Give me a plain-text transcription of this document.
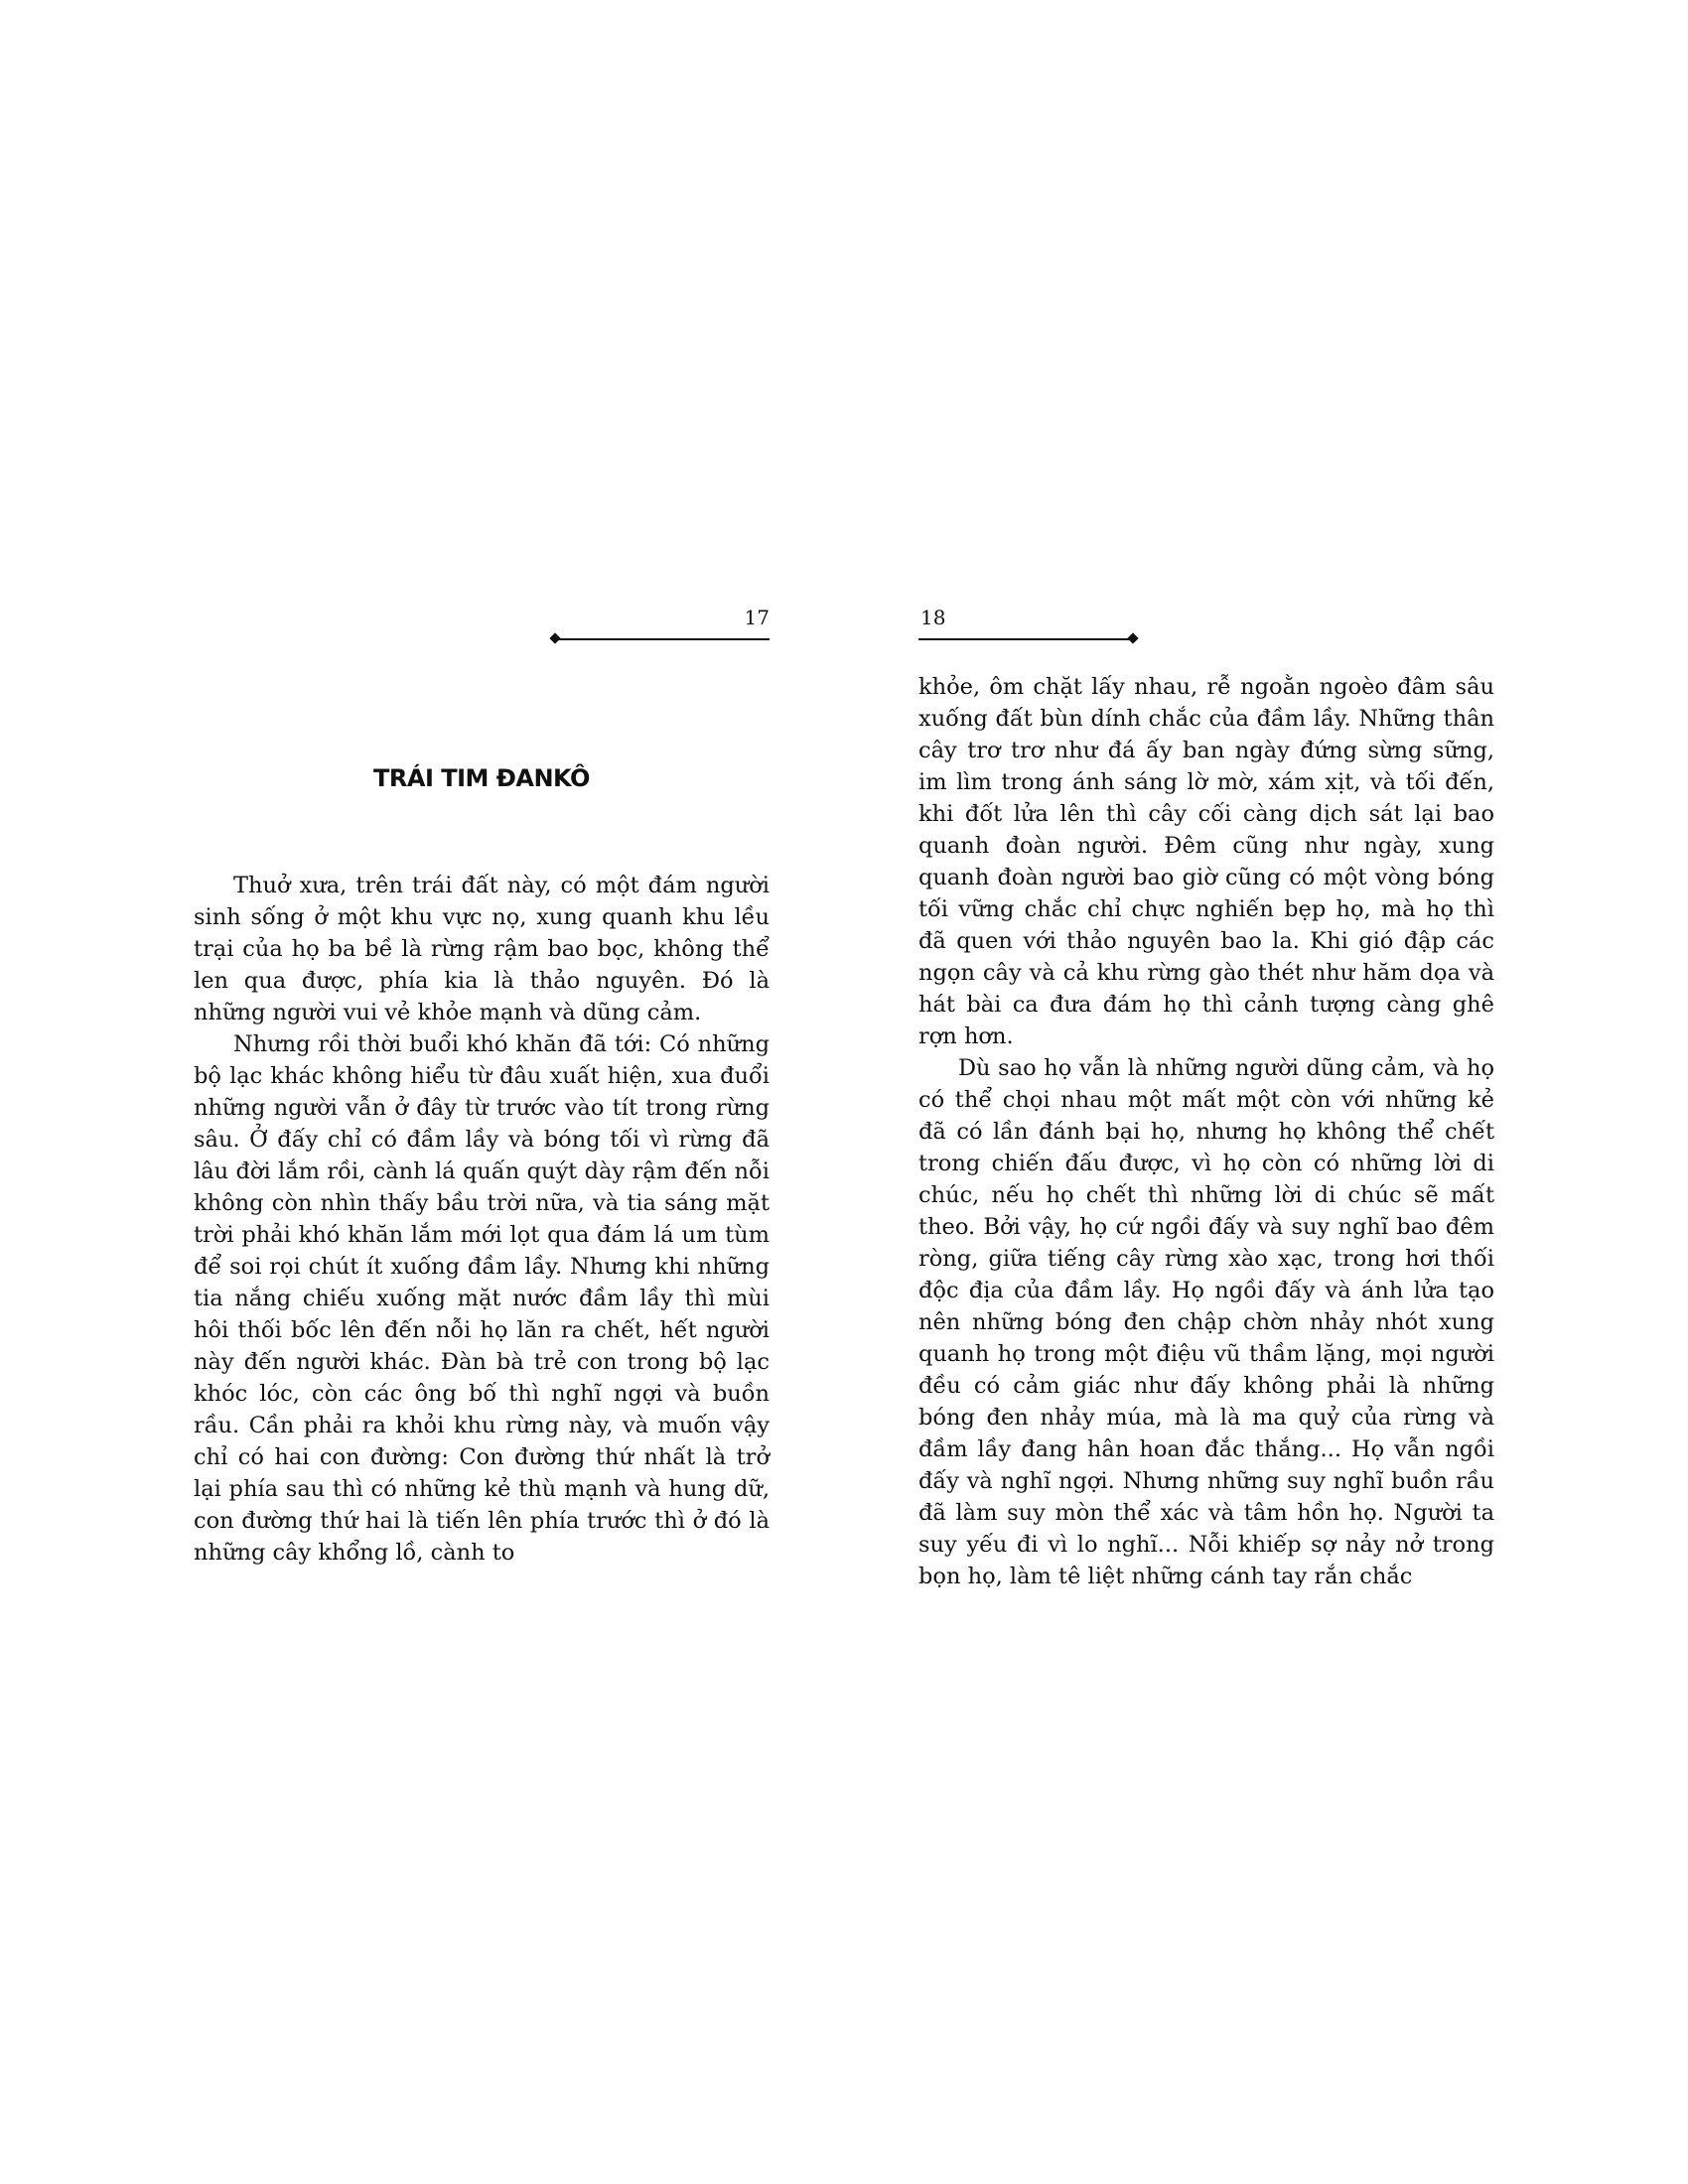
17
TRÁI TIM ĐANKÔ

Thuở xưa, trên trái đất này, có một đám người sinh sống ở một khu vực nọ, xung quanh khu lều trại của họ ba bề là rừng rậm bao bọc, không thể len qua được, phía kia là thảo nguyên. Đó là những người vui vẻ khỏe mạnh và dũng cảm.

Nhưng rồi thời buổi khó khăn đã tới: Có những bộ lạc khác không hiểu từ đâu xuất hiện, xua đuổi những người vẫn ở đây từ trước vào tít trong rừng sâu. Ở đấy chỉ có đầm lầy và bóng tối vì rừng đã lâu đời lắm rồi, cành lá quấn quýt dày rậm đến nỗi không còn nhìn thấy bầu trời nữa, và tia sáng mặt trời phải khó khăn lắm mới lọt qua đám lá um tùm để soi rọi chút ít xuống đầm lầy. Nhưng khi những tia nắng chiếu xuống mặt nước đầm lầy thì mùi hôi thối bốc lên đến nỗi họ lăn ra chết, hết người này đến người khác. Đàn bà trẻ con trong bộ lạc khóc lóc, còn các ông bố thì nghĩ ngợi và buồn rầu. Cần phải ra khỏi khu rừng này, và muốn vậy chỉ có hai con đường: Con đường thứ nhất là trở lại phía sau thì có những kẻ thù mạnh và hung dữ, con đường thứ hai là tiến lên phía trước thì ở đó là những cây khổng lồ, cành to

18

khỏe, ôm chặt lấy nhau, rễ ngoằn ngoèo đâm sâu xuống đất bùn dính chắc của đầm lầy. Những thân cây trơ trơ như đá ấy ban ngày đứng sừng sững, im lìm trong ánh sáng lờ mờ, xám xịt, và tối đến, khi đốt lửa lên thì cây cối càng dịch sát lại bao quanh đoàn người. Đêm cũng như ngày, xung quanh đoàn người bao giờ cũng có một vòng bóng tối vững chắc chỉ chực nghiến bẹp họ, mà họ thì đã quen với thảo nguyên bao la. Khi gió đập các ngọn cây và cả khu rừng gào thét như hăm dọa và hát bài ca đưa đám họ thì cảnh tượng càng ghê rợn hơn.

Dù sao họ vẫn là những người dũng cảm, và họ có thể chọi nhau một mất một còn với những kẻ đã có lần đánh bại họ, nhưng họ không thể chết trong chiến đấu được, vì họ còn có những lời di chúc, nếu họ chết thì những lời di chúc sẽ mất theo. Bởi vậy, họ cứ ngồi đấy và suy nghĩ bao đêm ròng, giữa tiếng cây rừng xào xạc, trong hơi thối độc địa của đầm lầy. Họ ngồi đấy và ánh lửa tạo nên những bóng đen chập chờn nhảy nhót xung quanh họ trong một điệu vũ thầm lặng, mọi người đều có cảm giác như đấy không phải là những bóng đen nhảy múa, mà là ma quỷ của rừng và đầm lầy đang hân hoan đắc thắng... Họ vẫn ngồi đấy và nghĩ ngợi. Nhưng những suy nghĩ buồn rầu đã làm suy mòn thể xác và tâm hồn họ. Người ta suy yếu đi vì lo nghĩ... Nỗi khiếp sợ nảy nở trong bọn họ, làm tê liệt những cánh tay rắn chắc
